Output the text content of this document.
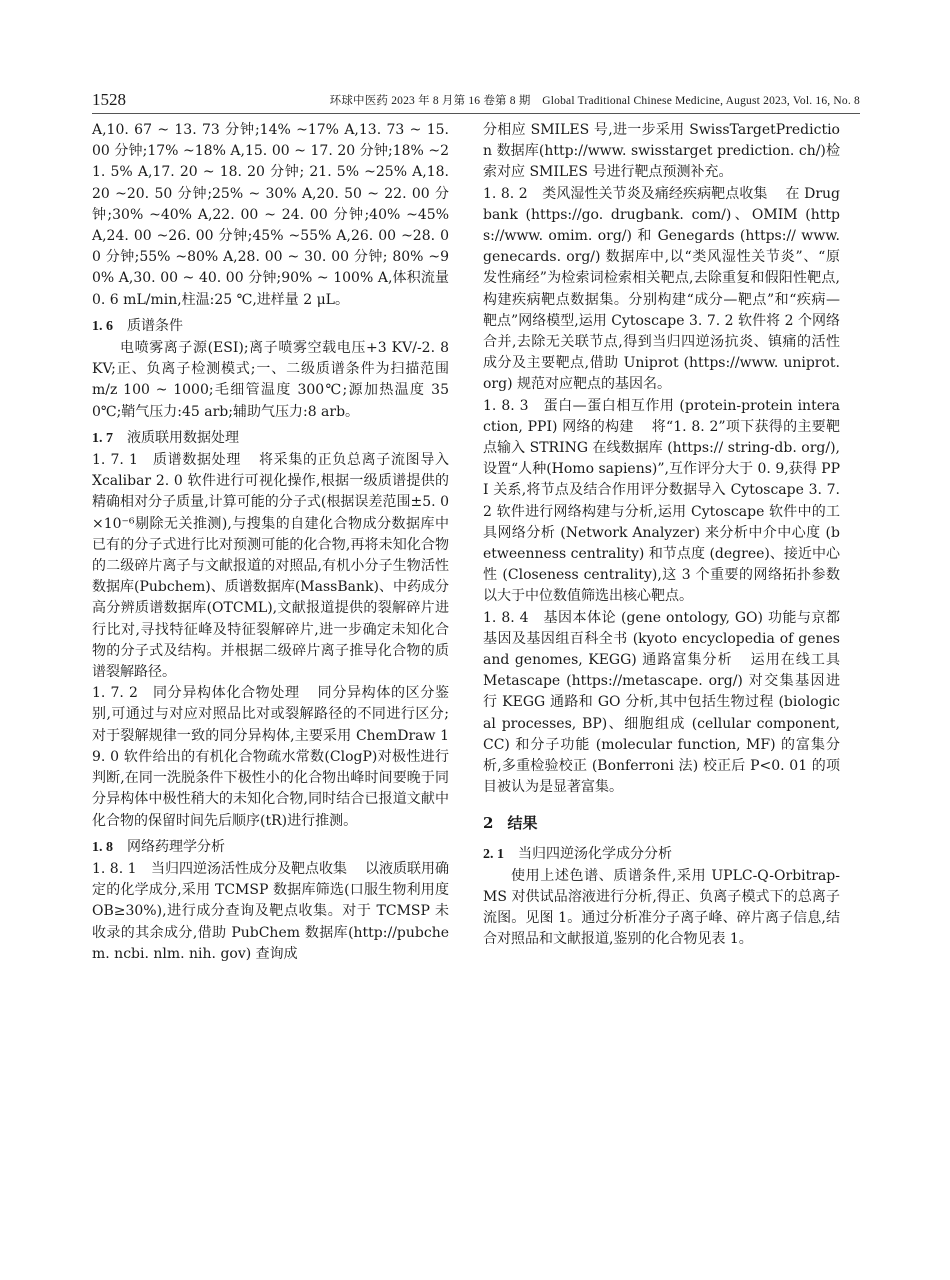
1528	环球中医药 2023 年 8 月第 16 卷第 8 期　Global Traditional Chinese Medicine, August 2023, Vol. 16, No. 8

A,10. 67 ~ 13. 73 分钟;14% ~17% A,13. 73 ~ 15. 00 分钟;17% ~18% A,15. 00 ~ 17. 20 分钟;18% ~21. 5% A,17. 20 ~ 18. 20 分钟; 21. 5% ~25% A,18. 20 ~20. 50 分钟;25% ~ 30% A,20. 50 ~ 22. 00 分钟;30% ~40% A,22. 00 ~ 24. 00 分钟;40% ~45% A,24. 00 ~26. 00 分钟;45% ~55% A,26. 00 ~28. 00 分钟;55% ~80% A,28. 00 ~ 30. 00 分钟; 80% ~90% A,30. 00 ~ 40. 00 分钟;90% ~ 100% A,体积流量 0. 6 mL/min,柱温:25 ℃,进样量 2 μL。

1. 6 质谱条件

电喷雾离子源(ESI);离子喷雾空载电压+3 KV/-2. 8 KV;正、负离子检测模式;一、二级质谱条件为扫描范围 m/z 100 ~ 1000;毛细管温度 300℃;源加热温度 350℃;鞘气压力:45 arb;辅助气压力:8 arb。

1. 7 液质联用数据处理

1. 7. 1 质谱数据处理 将采集的正负总离子流图导入 Xcalibar 2. 0 软件进行可视化操作,根据一级质谱提供的精确相对分子质量,计算可能的分子式(根据误差范围±5. 0×10⁻⁶剔除无关推测),与搜集的自建化合物成分数据库中已有的分子式进行比对预测可能的化合物,再将未知化合物的二级碎片离子与文献报道的对照品,有机小分子生物活性数据库(Pubchem)、质谱数据库(MassBank)、中药成分高分辨质谱数据库(OTCML),文献报道提供的裂解碎片进行比对,寻找特征峰及特征裂解碎片,进一步确定未知化合物的分子式及结构。并根据二级碎片离子推导化合物的质谱裂解路径。

1. 7. 2 同分异构体化合物处理 同分异构体的区分鉴别,可通过与对应对照品比对或裂解路径的不同进行区分;对于裂解规律一致的同分异构体,主要采用 ChemDraw 19. 0 软件给出的有机化合物疏水常数(ClogP)对极性进行判断,在同一洗脱条件下极性小的化合物出峰时间要晚于同分异构体中极性稍大的未知化合物,同时结合已报道文献中化合物的保留时间先后顺序(tR)进行推测。

1. 8 网络药理学分析

1. 8. 1 当归四逆汤活性成分及靶点收集 以液质联用确定的化学成分,采用 TCMSP 数据库筛选(口服生物利用度 OB≥30%),进行成分查询及靶点收集。对于 TCMSP 未收录的其余成分,借助 PubChem 数据库(http://pubchem. ncbi. nlm. nih. gov) 查询成

分相应 SMILES 号,进一步采用 SwissTargetPrediction 数据库(http://www. swisstarget prediction. ch/)检索对应 SMILES 号进行靶点预测补充。

1. 8. 2 类风湿性关节炎及痛经疾病靶点收集 在 Drugbank (https://go. drugbank. com/)、OMIM (https://www. omim. org/) 和 Genegards (https:// www. genecards. org/) 数据库中,以“类风湿性关节炎”、“原发性痛经”为检索词检索相关靶点,去除重复和假阳性靶点,构建疾病靶点数据集。分别构建“成分—靶点”和“疾病—靶点”网络模型,运用 Cytoscape 3. 7. 2 软件将 2 个网络合并,去除无关联节点,得到当归四逆汤抗炎、镇痛的活性成分及主要靶点,借助 Uniprot (https://www. uniprot. org) 规范对应靶点的基因名。

1. 8. 3 蛋白—蛋白相互作用 (protein-protein interaction, PPI) 网络的构建 将“1. 8. 2”项下获得的主要靶点输入 STRING 在线数据库 (https:// string-db. org/),设置“人种(Homo sapiens)”,互作评分大于 0. 9,获得 PPI 关系,将节点及结合作用评分数据导入 Cytoscape 3. 7. 2 软件进行网络构建与分析,运用 Cytoscape 软件中的工具网络分析 (Network Analyzer) 来分析中介中心度 (betweenness centrality) 和节点度 (degree)、接近中心性 (Closeness centrality),这 3 个重要的网络拓扑参数以大于中位数值筛选出核心靶点。

1. 8. 4 基因本体论 (gene ontology, GO) 功能与京都基因及基因组百科全书 (kyoto encyclopedia of genes and genomes, KEGG) 通路富集分析 运用在线工具 Metascape (https://metascape. org/) 对交集基因进行 KEGG 通路和 GO 分析,其中包括生物过程 (biological processes, BP)、细胞组成 (cellular component, CC) 和分子功能 (molecular function, MF) 的富集分析,多重检验校正 (Bonferroni 法) 校正后 P<0. 01 的项目被认为是显著富集。

2 结果
2. 1 当归四逆汤化学成分分析

使用上述色谱、质谱条件,采用 UPLC-Q-Orbitrap-MS 对供试品溶液进行分析,得正、负离子模式下的总离子流图。见图 1。通过分析准分子离子峰、碎片离子信息,结合对照品和文献报道,鉴别的化合物见表 1。
